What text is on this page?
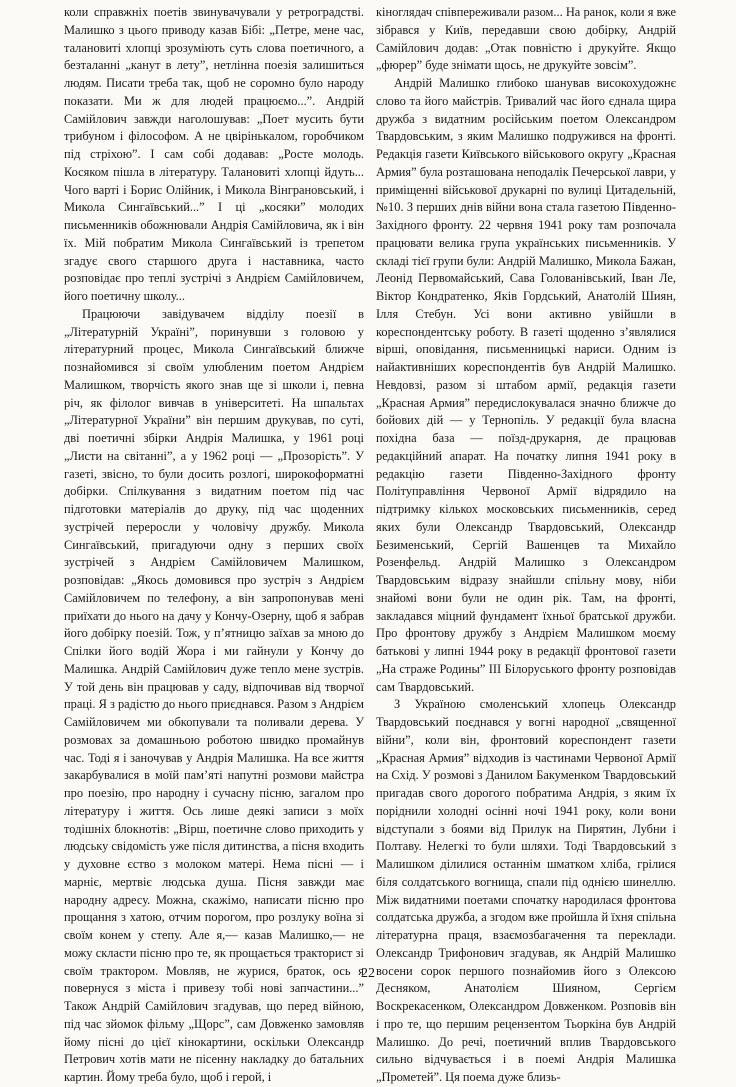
коли справжніх поетів звинувачували у ретроградстві. Малишко з цього приводу казав Бібі: „Петре, мене час, талановиті хлопці зрозуміють суть слова поетичного, а безталанні „канут в лету”, нетлінна поезія залишиться людям. Писати треба так, щоб не соромно було народу показати. Ми ж для людей працюємо...”. Андрій Самійлович завжди наголошував: „Поет мусить бути трибуном і філософом. А не цвірінькалом, горобчиком під стріхою”. І сам собі додавав: „Росте молодь. Косяком пішла в літературу. Талановиті хлопці йдуть... Чого варті і Борис Олійник, і Микола Вінграновський, і Микола Сингаївський...” І ці „косяки” молодих письменників обожнювали Андрія Самійловича, як і він їх. Мій побратим Микола Сингаївський із трепетом згадує свого старшого друга і наставника, часто розповідає про теплі зустрічі з Андрієм Самійловичем, його поетичну школу...

Працюючи завідувачем відділу поезії в „Літературній Україні”, поринувши з головою у літературний процес, Микола Сингаївський ближче познайомився зі своїм улюбленим поетом Андрієм Малишком, творчість якого знав ще зі школи і, певна річ, як філолог вивчав в університеті. На шпальтах „Літературної України” він першим друкував, по суті, дві поетичні збірки Андрія Малишка, у 1961 році „Листи на світанні”, а у 1962 році — „Прозорість”. У газеті, звісно, то були досить розлогі, широкоформатні добірки. Спілкування з видатним поетом під час підготовки матеріалів до друку, під час щоденних зустрічей переросли у чоловічу дружбу. Микола Сингаївський, пригадуючи одну з перших своїх зустрічей з Андрієм Самійловичем Малишком, розповідав: „Якось домовився про зустріч з Андрієм Самійловичем по телефону, а він запропонував мені приїхати до нього на дачу у Кончу-Озерну, щоб я забрав його добірку поезій. Тож, у п’ятницю заїхав за мною до Спілки його водій Жора і ми гайнули у Кончу до Малишка. Андрій Самійлович дуже тепло мене зустрів. У той день він працював у саду, відпочивав від творчої праці. Я з радістю до нього приєднався. Разом з Андрієм Самійловичем ми обкопували та поливали дерева. У розмовах за домашньою роботою швидко промайнув час. Тоді я і заночував у Андрія Малишка. На все життя закарбувалися в моїй пам’яті напутні розмови майстра про поезію, про народну і сучасну пісню, загалом про літературу і життя. Ось лише деякі записи з моїх тодішніх блокнотів: „Вірш, поетичне слово приходить у людську свідомість уже після дитинства, а пісня входить у духовне єство з молоком матері. Нема пісні — і марніє, мертвіє людська душа. Пісня завжди має народну адресу. Можна, скажімо, написати пісню про прощання з хатою, отчим порогом, про розлуку воїна зі своїм конем у степу. Але я,— казав Малишко,— не можу скласти пісню про те, як прощається тракторист зі своїм трактором. Мовляв, не журися, браток, ось я повернуся з міста і привезу тобі нові запчастини...” Також Андрій Самійлович згадував, що перед війною, під час зйомок фільму „Щорс”, сам Довженко замовляв йому пісні до цієї кінокартини, оскільки Олександр Петрович хотів мати не пісенну накладку до батальних картин. Йому треба було, щоб і герой, і

кіноглядач співпереживали разом... На ранок, коли я вже зібрався у Київ, передавши свою добірку, Андрій Самійлович додав: „Отак повністю і друкуйте. Якщо „фюрер” буде знімати щось, не друкуйте зовсім”.

Андрій Малишко глибоко шанував високохудожнє слово та його майстрів. Тривалий час його єднала щира дружба з видатним російським поетом Олександром Твардовським, з яким Малишко подружився на фронті. Редакція газети Київського військового округу „Красная Армия” була розташована неподалік Печерської лаври, у приміщенні військової друкарні по вулиці Цитадельній, №10. З перших днів війни вона стала газетою Південно-Західного фронту. 22 червня 1941 року там розпочала працювати велика група українських письменників. У складі тієї групи були: Андрій Малишко, Микола Бажан, Леонід Первомайський, Сава Голованівський, Іван Ле, Віктор Кондратенко, Яків Гордський, Анатолій Шиян, Ілля Стебун. Усі вони активно увійшли в кореспондентську роботу. В газеті щоденно з’являлися вірші, оповідання, письменницькі нариси. Одним із найактивніших кореспондентів був Андрій Малишко. Невдовзі, разом зі штабом армії, редакція газети „Красная Армия” передислокувалася значно ближче до бойових дій — у Тернопіль. У редакції була власна похідна база — поїзд-друкарня, де працював редакційний апарат. На початку липня 1941 року в редакцію газети Південно-Західного фронту Політуправління Червоної Армії відрядило на підтримку кількох московських письменників, серед яких були Олександр Твардовський, Олександр Безименський, Сергій Вашенцев та Михайло Розенфельд. Андрій Малишко з Олександром Твардовським відразу знайшли спільну мову, ніби знайомі вони були не один рік. Там, на фронті, закладався міцний фундамент їхньої братської дружби. Про фронтову дружбу з Андрієм Малишком моєму батькові у липні 1944 року в редакції фронтової газети „На страже Родины” III Білоруського фронту розповідав сам Твардовський.

З Україною смоленський хлопець Олександр Твардовський поєднався у вогні народної „священної війни”, коли він, фронтовий кореспондент газети „Красная Армия” відходив із частинами Червоної Армії на Схід. У розмові з Данилом Бакуменком Твардовський пригадав свого дорогого побратима Андрія, з яким їх поріднили холодні осінні ночі 1941 року, коли вони відступали з боями від Прилук на Пирятин, Лубни і Полтаву. Нелегкі то були шляхи. Тоді Твардовський з Малишком ділилися останнім шматком хліба, грілися біля солдатського вогнища, спали під однією шинеллю. Між видатними поетами спочатку народилася фронтова солдатська дружба, а згодом вже пройшла й їхня спільна літературна праця, взаємозбагачення та переклади. Олександр Трифонович згадував, як Андрій Малишко восени сорок першого познайомив його з Олексою Десняком, Анатолієм Шияном, Сергієм Воскрекасенком, Олександром Довженком. Розповів він і про те, що першим рецензентом Тьоркіна був Андрій Малишко. До речі, поетичний вплив Твардовського сильно відчувається і в поемі Андрія Малишка „Прометей”. Ця поема дуже близь-

22
